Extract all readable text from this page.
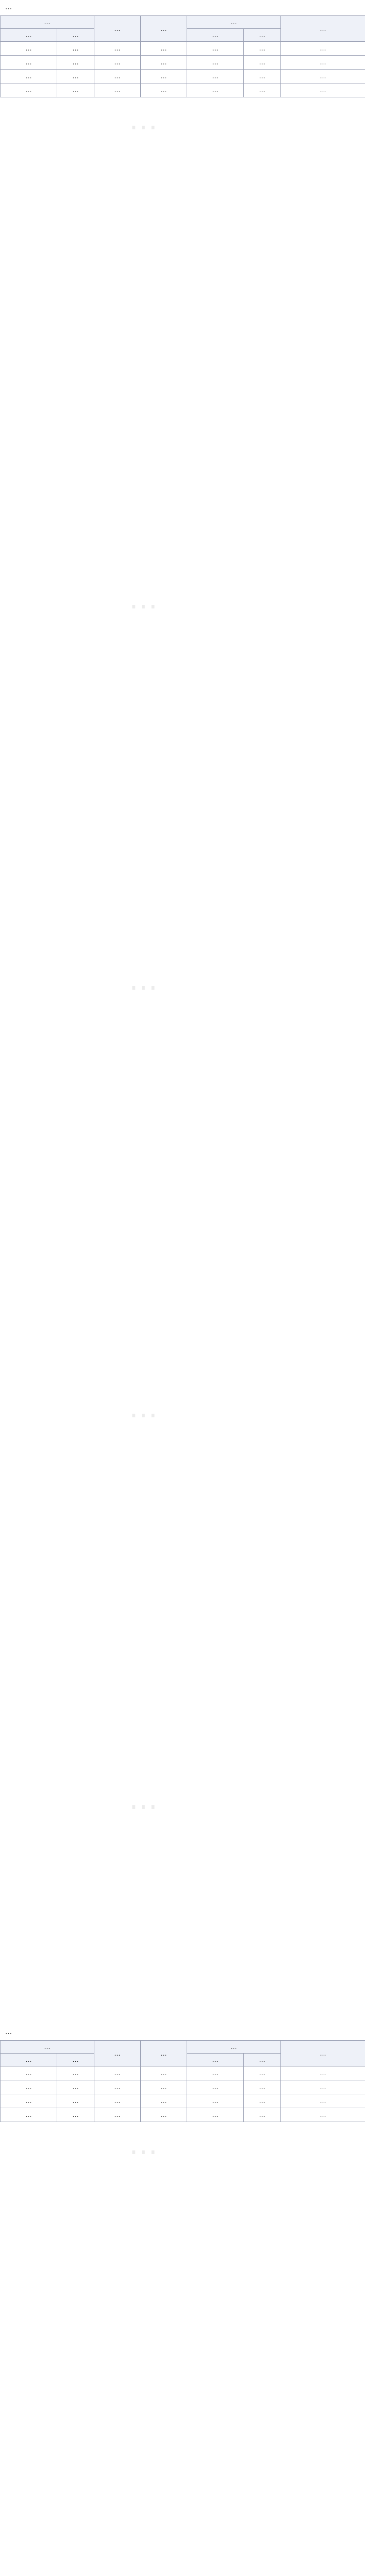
…
…		…	…	…		…
…	…			…	…	
…	…	…	…	…	…	…
…	…	…	…	…	…	…
…	…	…	…	…	…	…
…	…	…	…	…	…	…
…
…		…	…	…		…
…	…			…	…	
…	…	…	…	…	…	…
…	…	…	…	…	…	…
…	…	…	…	…	…	…
…	…	…	…	…	…	…
…
…
…
…
…
…
